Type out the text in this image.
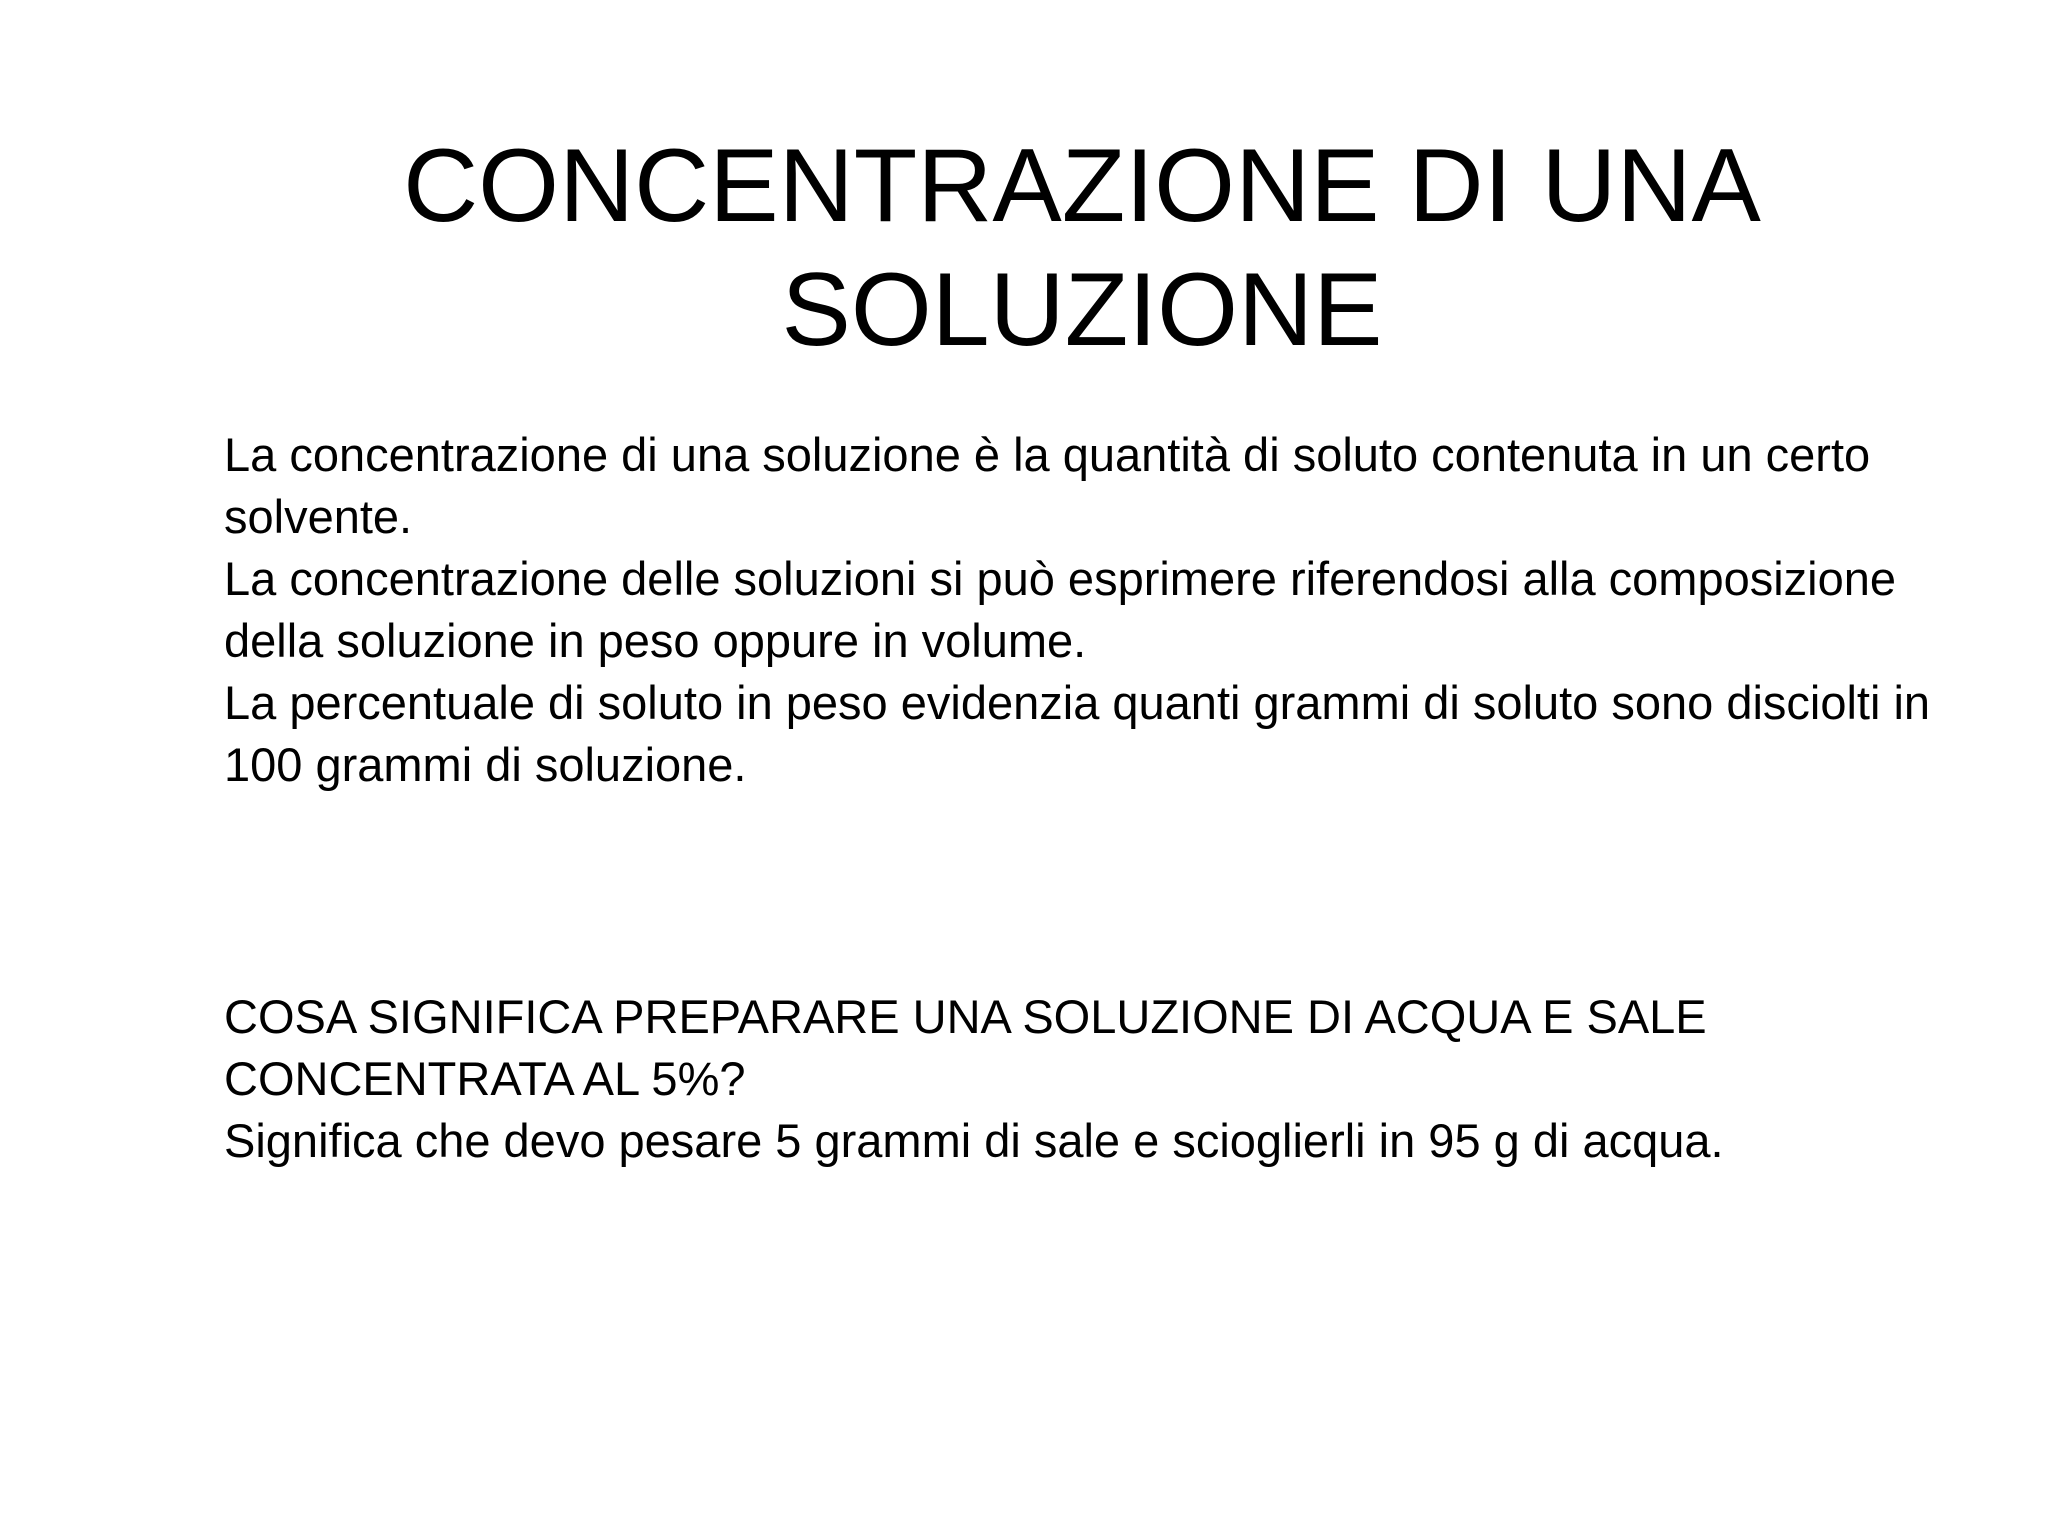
CONCENTRAZIONE DI UNA
SOLUZIONE

La concentrazione di una soluzione è la quantità di soluto contenuta in un certo solvente.

La concentrazione delle soluzioni si può esprimere riferendosi alla composizione della soluzione in peso oppure in volume.

La percentuale di soluto in peso evidenzia quanti grammi di soluto sono disciolti in 100 grammi di soluzione.

COSA SIGNIFICA PREPARARE UNA SOLUZIONE DI ACQUA E SALE CONCENTRATA AL 5%?

Significa che devo pesare 5 grammi di sale e scioglierli in 95 g di acqua.
